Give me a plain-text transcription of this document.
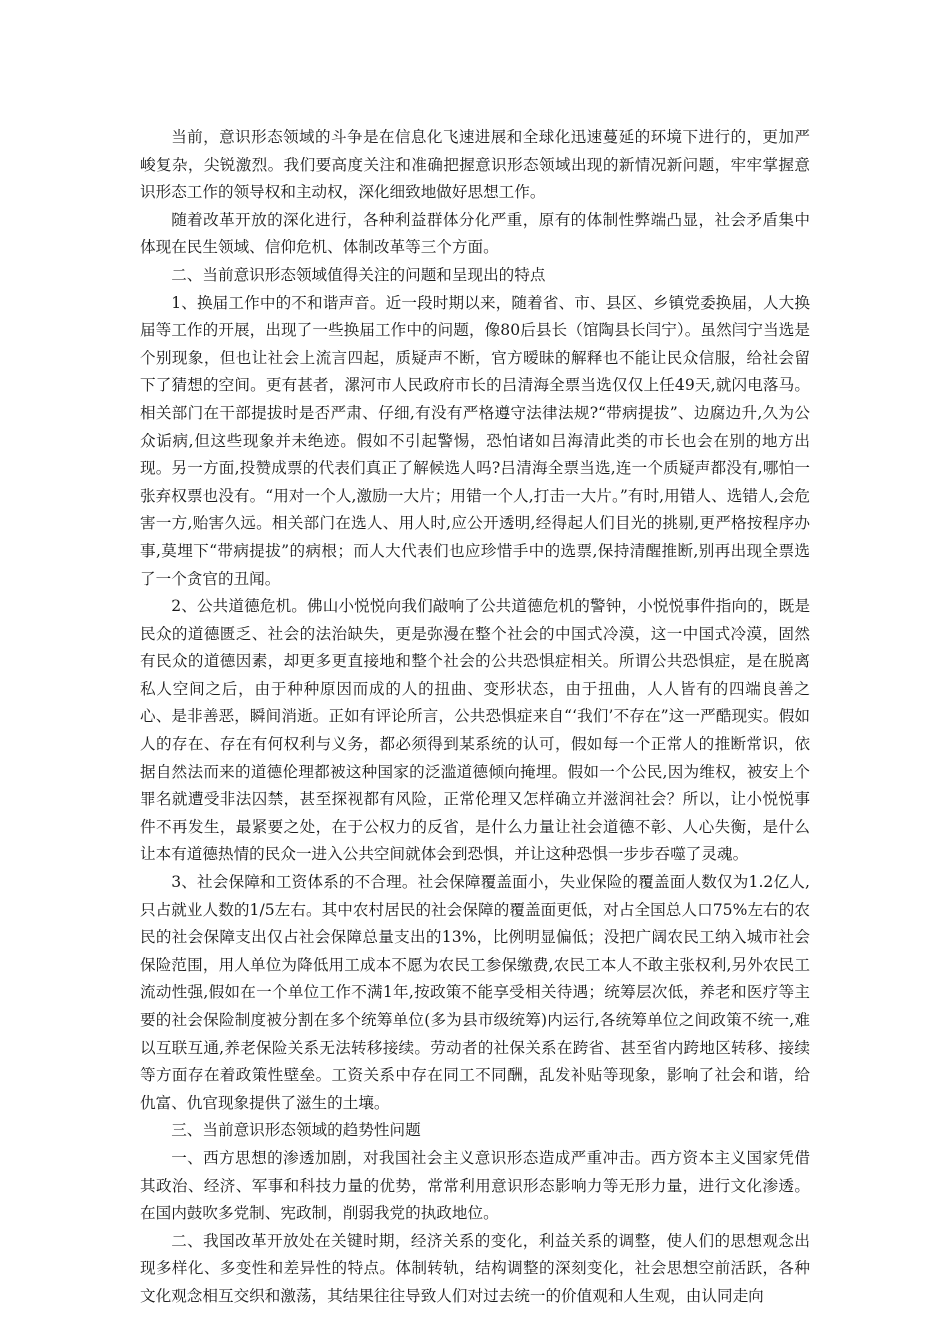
当前，意识形态领域的斗争是在信息化飞速进展和全球化迅速蔓延的环境下进行的，更加严峻复杂，尖锐激烈。我们要高度关注和准确把握意识形态领域出现的新情况新问题，牢牢掌握意识形态工作的领导权和主动权，深化细致地做好思想工作。

随着改革开放的深化进行，各种利益群体分化严重，原有的体制性弊端凸显，社会矛盾集中体现在民生领域、信仰危机、体制改革等三个方面。

二、当前意识形态领域值得关注的问题和呈现出的特点

1、换届工作中的不和谐声音。近一段时期以来，随着省、市、县区、乡镇党委换届，人大换届等工作的开展，出现了一些换届工作中的问题，像80后县长（馆陶县长闫宁）。虽然闫宁当选是个别现象，但也让社会上流言四起，质疑声不断，官方暧昧的解释也不能让民众信服，给社会留下了猜想的空间。更有甚者，漯河市人民政府市长的吕清海全票当选仅仅上任49天,就闪电落马。相关部门在干部提拔时是否严肃、仔细,有没有严格遵守法律法规?“带病提拔”、边腐边升,久为公众诟病,但这些现象并未绝迹。假如不引起警惕，恐怕诸如吕海清此类的市长也会在别的地方出现。另一方面,投赞成票的代表们真正了解候选人吗?吕清海全票当选,连一个质疑声都没有,哪怕一张弃权票也没有。“用对一个人,激励一大片；用错一个人,打击一大片。”有时,用错人、选错人,会危害一方,贻害久远。相关部门在选人、用人时,应公开透明,经得起人们目光的挑剔,更严格按程序办事,莫埋下“带病提拔”的病根；而人大代表们也应珍惜手中的选票,保持清醒推断,别再出现全票选了一个贪官的丑闻。

2、公共道德危机。佛山小悦悦向我们敲响了公共道德危机的警钟，小悦悦事件指向的，既是民众的道德匮乏、社会的法治缺失，更是弥漫在整个社会的中国式冷漠，这一中国式冷漠，固然有民众的道德因素，却更多更直接地和整个社会的公共恐惧症相关。所谓公共恐惧症，是在脱离私人空间之后，由于种种原因而成的人的扭曲、变形状态，由于扭曲，人人皆有的四端良善之心、是非善恶，瞬间消逝。正如有评论所言，公共恐惧症来自“‘我们’不存在”这一严酷现实。假如人的存在、存在有何权利与义务，都必须得到某系统的认可，假如每一个正常人的推断常识，依据自然法而来的道德伦理都被这种国家的泛滥道德倾向掩埋。假如一个公民,因为维权，被安上个罪名就遭受非法囚禁，甚至探视都有风险，正常伦理又怎样确立并滋润社会？所以，让小悦悦事件不再发生，最紧要之处，在于公权力的反省，是什么力量让社会道德不彰、人心失衡，是什么让本有道德热情的民众一进入公共空间就体会到恐惧，并让这种恐惧一步步吞噬了灵魂。

3、社会保障和工资体系的不合理。社会保障覆盖面小，失业保险的覆盖面人数仅为1.2亿人,只占就业人数的1/5左右。其中农村居民的社会保障的覆盖面更低，对占全国总人口75%左右的农民的社会保障支出仅占社会保障总量支出的13%，比例明显偏低；没把广阔农民工纳入城市社会保险范围，用人单位为降低用工成本不愿为农民工参保缴费,农民工本人不敢主张权利,另外农民工流动性强,假如在一个单位工作不满1年,按政策不能享受相关待遇；统筹层次低，养老和医疗等主要的社会保险制度被分割在多个统筹单位(多为县市级统筹)内运行,各统筹单位之间政策不统一,难以互联互通,养老保险关系无法转移接续。劳动者的社保关系在跨省、甚至省内跨地区转移、接续等方面存在着政策性壁垒。工资关系中存在同工不同酬，乱发补贴等现象，影响了社会和谐，给仇富、仇官现象提供了滋生的土壤。

三、当前意识形态领域的趋势性问题

一、西方思想的渗透加剧，对我国社会主义意识形态造成严重冲击。西方资本主义国家凭借其政治、经济、军事和科技力量的优势，常常利用意识形态影响力等无形力量，进行文化渗透。在国内鼓吹多党制、宪政制，削弱我党的执政地位。

二、我国改革开放处在关键时期，经济关系的变化，利益关系的调整，使人们的思想观念出现多样化、多变性和差异性的特点。体制转轨，结构调整的深刻变化，社会思想空前活跃，各种文化观念相互交织和激荡，其结果往往导致人们对过去统一的价值观和人生观，由认同走向
